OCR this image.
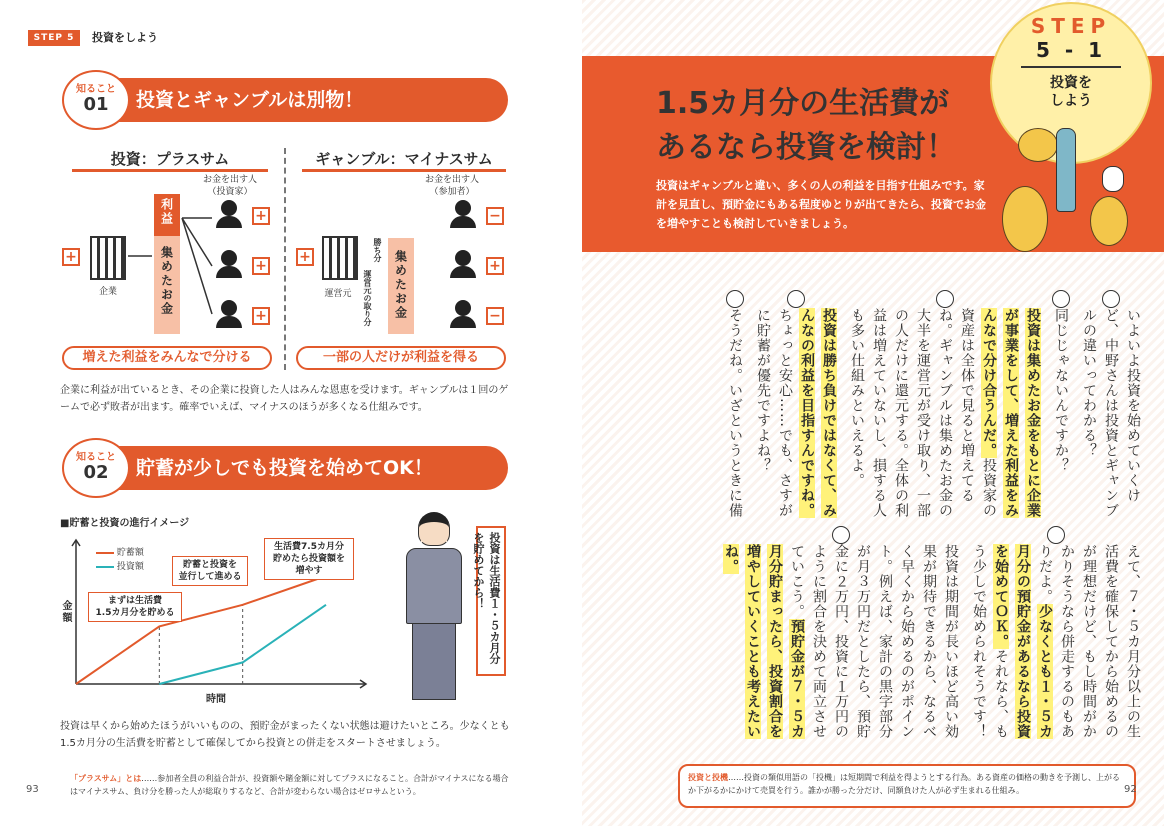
STEP 5	投資をしよう
投資とギャンブルは別物！
知ること
01
投資：プラスサム	ギャンブル：マイナスサム
お金を出す人
（投資家）
+
企業
利益
集めたお金
+
+
+
お金を出す人
（参加者）
+
運営元	集めたお金
勝ち分
運営元の取り分
−
+
−
増えた利益をみんなで分ける	一部の人だけが利益を得る
企業に利益が出ているとき、その企業に投資した人はみんな恩恵を受けます。ギャンブルは１回のゲームで必ず敗者が出ます。確率でいえば、マイナスのほうが多くなる仕組みです。
貯蓄が少しでも投資を始めてOK！
知ること
02
■貯蓄と投資の進行イメージ
金額
時間
貯蓄額
投資額
まずは生活費
1.5カ月分を貯める
貯蓄と投資を
並行して進める
生活費7.5カ月分
貯めたら投資額を
増やす	投資は生活費１・５カ月分を貯めてから！
投資は早くから始めたほうがいいものの、預貯金がまったくない状態は避けたいところ。少なくとも1.5カ月分の生活費を貯蓄として確保してから投資との併走をスタートさせましょう。
93
「プラスサム」とは……参加者全員の利益合計が、投資額や賭金額に対してプラスになること。合計がマイナスになる場合はマイナスサム、負け分を勝った人が総取りするなど、合計が変わらない場合はゼロサムという。
1.5カ月分の生活費が
あるなら投資を検討！
投資はギャンブルと違い、多くの人の利益を目指す仕組みです。家計を見直し、預貯金にもある程度ゆとりが出てきたら、投資でお金を増やすことも検討していきましょう。
STEP
5 - 1
投資を
しよう
いよいよ投資を始めていくけど、中野さんは投資とギャンブルの違いってわかる？
同じじゃないんですか？
投資は集めたお金をもとに企業が事業をして、増えた利益をみんなで分け合うんだ。投資家の資産は全体で見ると増えてるね。ギャンブルは集めたお金の大半を運営元が受け取り、一部の人だけに還元する。全体の利益は増えていないし、損する人も多い仕組みといえるよ。
投資は勝ち負けではなくて、みんなの利益を目指すんですね。ちょっと安心……でも、さすがに貯蓄が優先ですよね？
そうだね。いざというときに備
えて、７・５カ月分以上の生活費を確保してから始めるのが理想だけど、もし時間がかかりそうなら併走するのもありだよ。少なくとも１・５カ月分の預貯金があるなら投資を始めてＯＫ。それなら、もう少しで始められそうです！
投資は期間が長いほど高い効果が期待できるから、なるべく早くから始めるのがポイント。例えば、家計の黒字部分が月３万円だとしたら、預貯金に２万円、投資に１万円のように割合を決めて両立させていこう。預貯金が７・５カ月分貯まったら、投資割合を増やしていくことも考えたいね。
投資と投機……投資の類似用語の「投機」は短期間で利益を得ようとする行為。ある資産の価格の動きを予測し、上がるか下がるかにかけて売買を行う。誰かが勝った分だけ、同額負けた人が必ず生まれる仕組み。	92
